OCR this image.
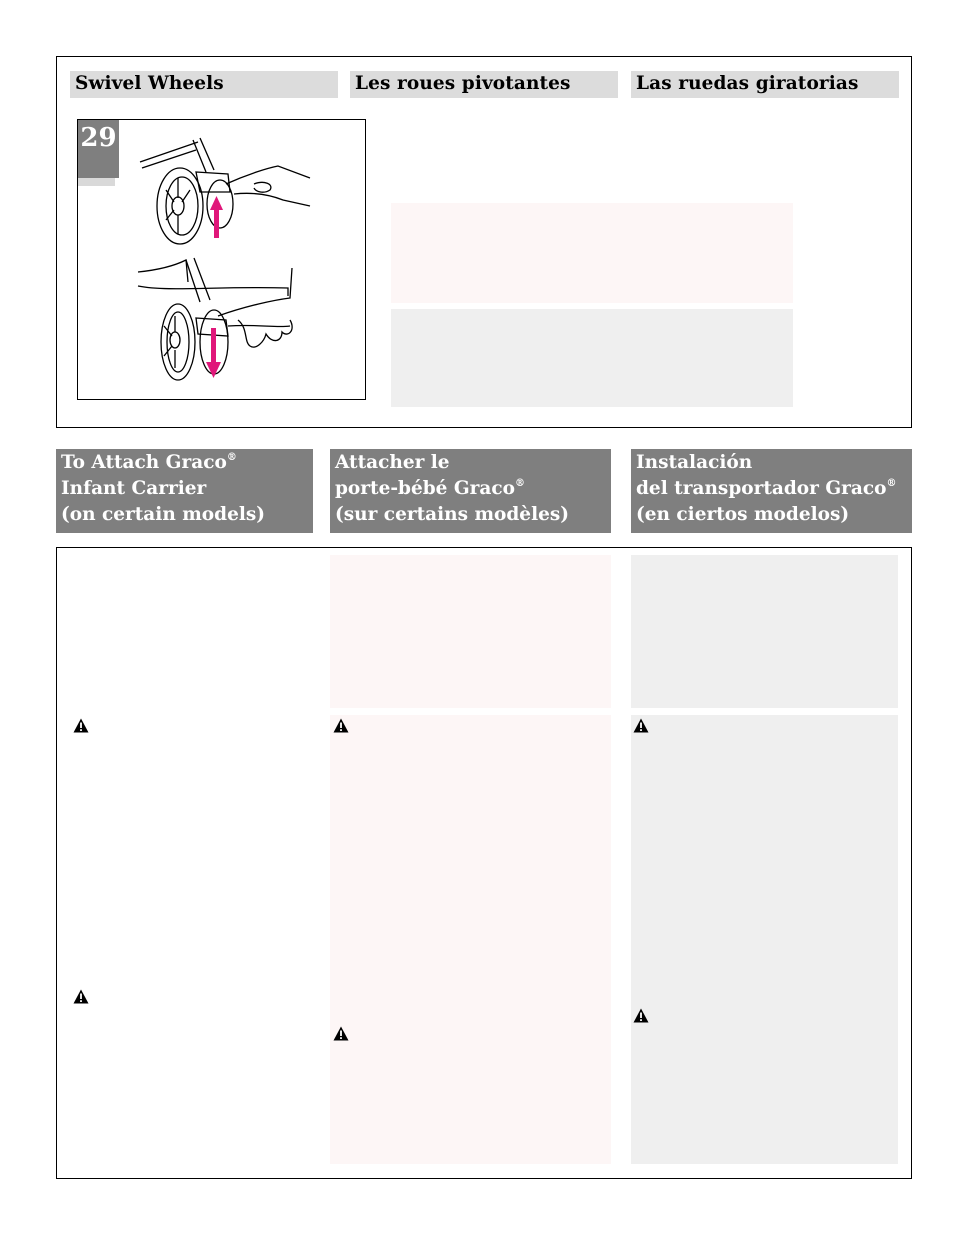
Swivel Wheels	Les roues pivotantes	Las ruedas giratorias
29
To Attach Graco®
Infant Carrier
(on certain models)
Attacher le
porte-bébé Graco®
(sur certains modèles)
Instalación
del transportador Graco®
(en ciertos modelos)
